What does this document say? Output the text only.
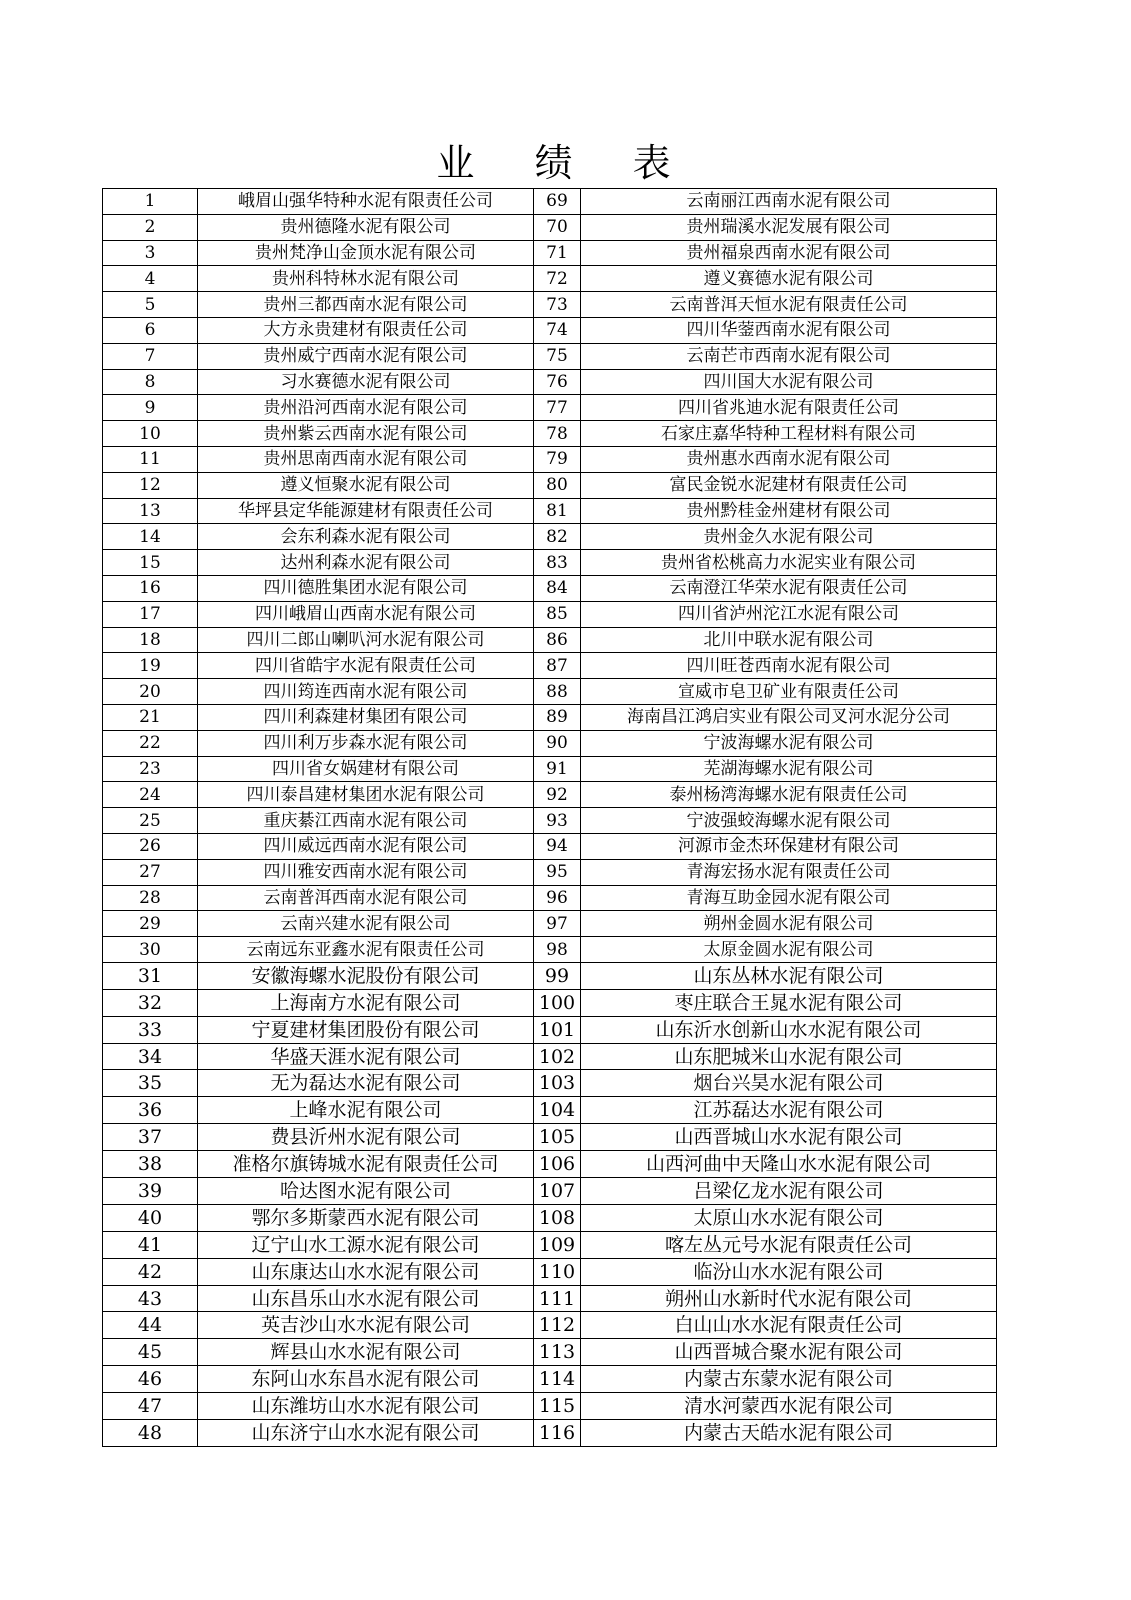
业 绩 表
1	峨眉山强华特种水泥有限责任公司	69	云南丽江西南水泥有限公司
2	贵州德隆水泥有限公司	70	贵州瑞溪水泥发展有限公司
3	贵州梵净山金顶水泥有限公司	71	贵州福泉西南水泥有限公司
4	贵州科特林水泥有限公司	72	遵义赛德水泥有限公司
5	贵州三都西南水泥有限公司	73	云南普洱天恒水泥有限责任公司
6	大方永贵建材有限责任公司	74	四川华蓥西南水泥有限公司
7	贵州威宁西南水泥有限公司	75	云南芒市西南水泥有限公司
8	习水赛德水泥有限公司	76	四川国大水泥有限公司
9	贵州沿河西南水泥有限公司	77	四川省兆迪水泥有限责任公司
10	贵州紫云西南水泥有限公司	78	石家庄嘉华特种工程材料有限公司
11	贵州思南西南水泥有限公司	79	贵州惠水西南水泥有限公司
12	遵义恒聚水泥有限公司	80	富民金锐水泥建材有限责任公司
13	华坪县定华能源建材有限责任公司	81	贵州黔桂金州建材有限公司
14	会东利森水泥有限公司	82	贵州金久水泥有限公司
15	达州利森水泥有限公司	83	贵州省松桃高力水泥实业有限公司
16	四川德胜集团水泥有限公司	84	云南澄江华荣水泥有限责任公司
17	四川峨眉山西南水泥有限公司	85	四川省泸州沱江水泥有限公司
18	四川二郎山喇叭河水泥有限公司	86	北川中联水泥有限公司
19	四川省皓宇水泥有限责任公司	87	四川旺苍西南水泥有限公司
20	四川筠连西南水泥有限公司	88	宣威市皂卫矿业有限责任公司
21	四川利森建材集团有限公司	89	海南昌江鸿启实业有限公司叉河水泥分公司
22	四川利万步森水泥有限公司	90	宁波海螺水泥有限公司
23	四川省女娲建材有限公司	91	芜湖海螺水泥有限公司
24	四川泰昌建材集团水泥有限公司	92	泰州杨湾海螺水泥有限责任公司
25	重庆綦江西南水泥有限公司	93	宁波强蛟海螺水泥有限公司
26	四川威远西南水泥有限公司	94	河源市金杰环保建材有限公司
27	四川雅安西南水泥有限公司	95	青海宏扬水泥有限责任公司
28	云南普洱西南水泥有限公司	96	青海互助金园水泥有限公司
29	云南兴建水泥有限公司	97	朔州金圆水泥有限公司
30	云南远东亚鑫水泥有限责任公司	98	太原金圆水泥有限公司
31	安徽海螺水泥股份有限公司	99	山东丛林水泥有限公司
32	上海南方水泥有限公司	100	枣庄联合王晁水泥有限公司
33	宁夏建材集团股份有限公司	101	山东沂水创新山水水泥有限公司
34	华盛天涯水泥有限公司	102	山东肥城米山水泥有限公司
35	无为磊达水泥有限公司	103	烟台兴昊水泥有限公司
36	上峰水泥有限公司	104	江苏磊达水泥有限公司
37	费县沂州水泥有限公司	105	山西晋城山水水泥有限公司
38	准格尔旗铸城水泥有限责任公司	106	山西河曲中天隆山水水泥有限公司
39	哈达图水泥有限公司	107	吕梁亿龙水泥有限公司
40	鄂尔多斯蒙西水泥有限公司	108	太原山水水泥有限公司
41	辽宁山水工源水泥有限公司	109	喀左丛元号水泥有限责任公司
42	山东康达山水水泥有限公司	110	临汾山水水泥有限公司
43	山东昌乐山水水泥有限公司	111	朔州山水新时代水泥有限公司
44	英吉沙山水水泥有限公司	112	白山山水水泥有限责任公司
45	辉县山水水泥有限公司	113	山西晋城合聚水泥有限公司
46	东阿山水东昌水泥有限公司	114	内蒙古东蒙水泥有限公司
47	山东潍坊山水水泥有限公司	115	清水河蒙西水泥有限公司
48	山东济宁山水水泥有限公司	116	内蒙古天皓水泥有限公司
